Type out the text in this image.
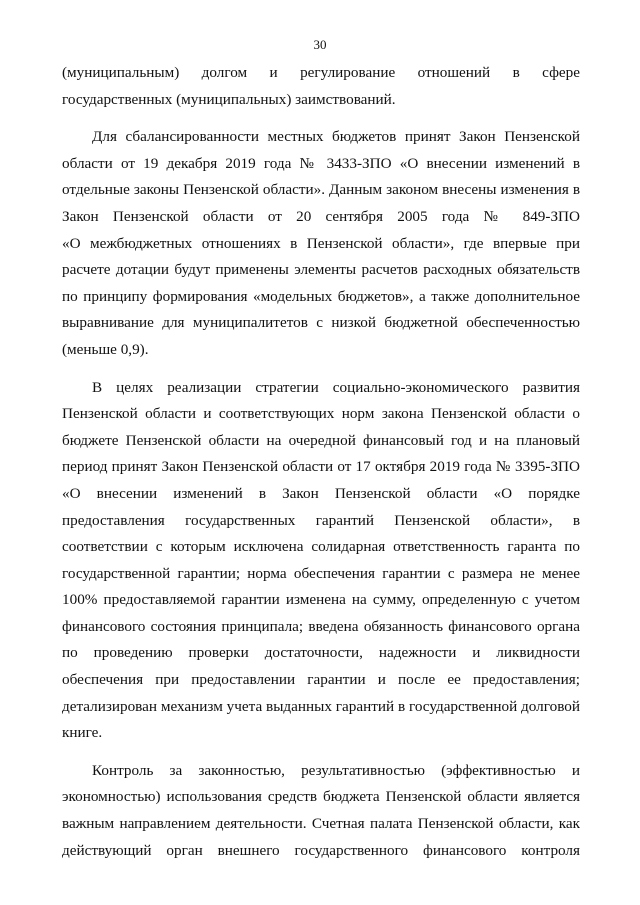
30
(муниципальным) долгом и регулирование отношений в сфере
государственных (муниципальных) заимствований.
Для сбалансированности местных бюджетов принят Закон Пензенской
области от 19 декабря 2019 года № 3433-ЗПО «О внесении изменений в
отдельные законы Пензенской области». Данным законом внесены изменения в
Закон Пензенской области от 20 сентября 2005 года № 849-ЗПО
«О межбюджетных отношениях в Пензенской области», где впервые при
расчете дотации будут применены элементы расчетов расходных обязательств
по принципу формирования «модельных бюджетов», а также дополнительное
выравнивание для муниципалитетов с низкой бюджетной обеспеченностью
(меньше 0,9).
В целях реализации стратегии социально-экономического развития
Пензенской области и соответствующих норм закона Пензенской области о
бюджете Пензенской области на очередной финансовый год и на плановый
период принят Закон Пензенской области от 17 октября 2019 года № 3395-ЗПО
«О внесении изменений в Закон Пензенской области «О порядке
предоставления государственных гарантий Пензенской области», в
соответствии с которым исключена солидарная ответственность гаранта по
государственной гарантии; норма обеспечения гарантии с размера не менее
100% предоставляемой гарантии изменена на сумму, определенную с учетом
финансового состояния принципала; введена обязанность финансового органа
по проведению проверки достаточности, надежности и ликвидности
обеспечения при предоставлении гарантии и после ее предоставления;
детализирован механизм учета выданных гарантий в государственной долговой
книге.
Контроль за законностью, результативностью (эффективностью и
экономностью) использования средств бюджета Пензенской области является
важным направлением деятельности. Счетная палата Пензенской области, как
действующий орган внешнего государственного финансового контроля
